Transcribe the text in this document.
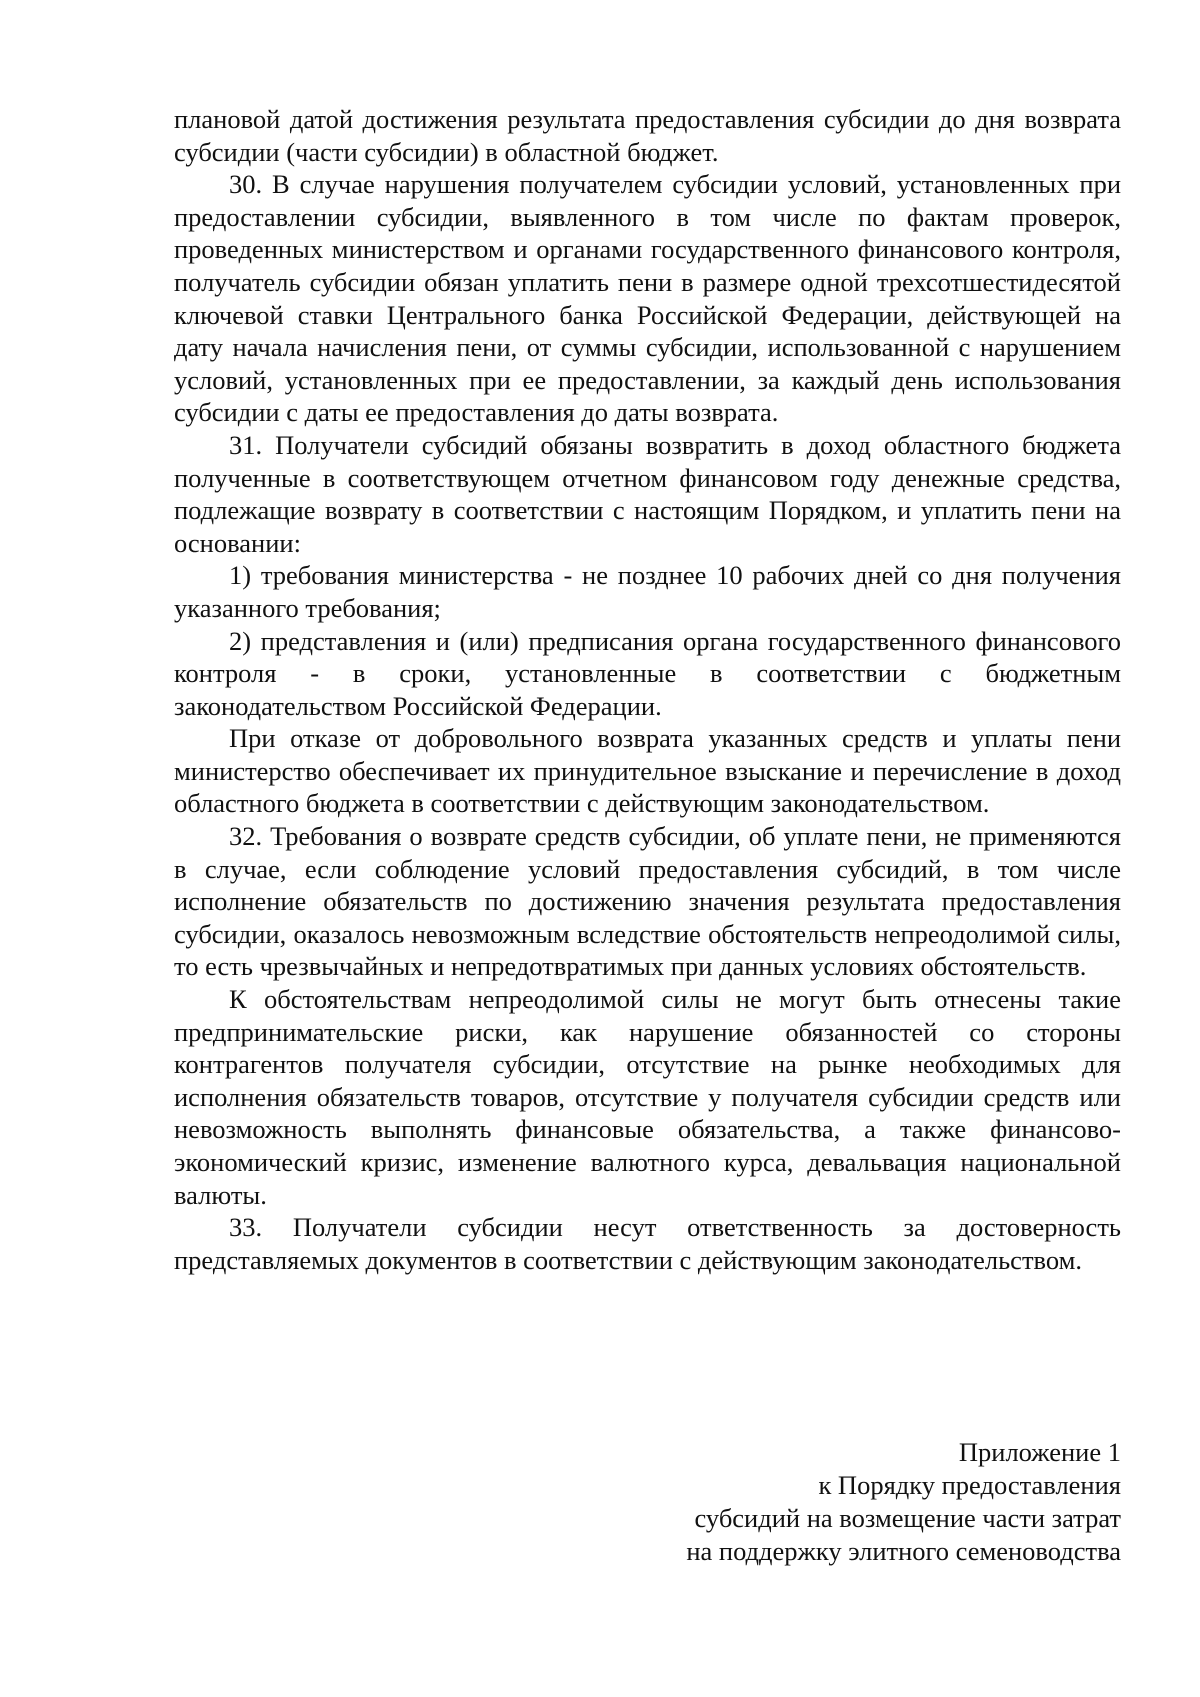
плановой датой достижения результата предоставления субсидии до дня возврата субсидии (части субсидии) в областной бюджет.

30. В случае нарушения получателем субсидии условий, установленных при предоставлении субсидии, выявленного в том числе по фактам проверок, проведенных министерством и органами государственного финансового контроля, получатель субсидии обязан уплатить пени в размере одной трехсотшестидесятой ключевой ставки Центрального банка Российской Федерации, действующей на дату начала начисления пени, от суммы субсидии, использованной с нарушением условий, установленных при ее предоставлении, за каждый день использования субсидии с даты ее предоставления до даты возврата.

31. Получатели субсидий обязаны возвратить в доход областного бюджета полученные в соответствующем отчетном финансовом году денежные средства, подлежащие возврату в соответствии с настоящим Порядком, и уплатить пени на основании:

1) требования министерства - не позднее 10 рабочих дней со дня получения указанного требования;

2) представления и (или) предписания органа государственного финансового контроля - в сроки, установленные в соответствии с бюджетным законодательством Российской Федерации.

При отказе от добровольного возврата указанных средств и уплаты пени министерство обеспечивает их принудительное взыскание и перечисление в доход областного бюджета в соответствии с действующим законодательством.

32. Требования о возврате средств субсидии, об уплате пени, не применяются в случае, если соблюдение условий предоставления субсидий, в том числе исполнение обязательств по достижению значения результата предоставления субсидии, оказалось невозможным вследствие обстоятельств непреодолимой силы, то есть чрезвычайных и непредотвратимых при данных условиях обстоятельств.

К обстоятельствам непреодолимой силы не могут быть отнесены такие предпринимательские риски, как нарушение обязанностей со стороны контрагентов получателя субсидии, отсутствие на рынке необходимых для исполнения обязательств товаров, отсутствие у получателя субсидии средств или невозможность выполнять финансовые обязательства, а также финансово-экономический кризис, изменение валютного курса, девальвация национальной валюты.

33. Получатели субсидии несут ответственность за достоверность представляемых документов в соответствии с действующим законодательством.

Приложение 1
к Порядку предоставления
субсидий на возмещение части затрат
на поддержку элитного семеноводства
